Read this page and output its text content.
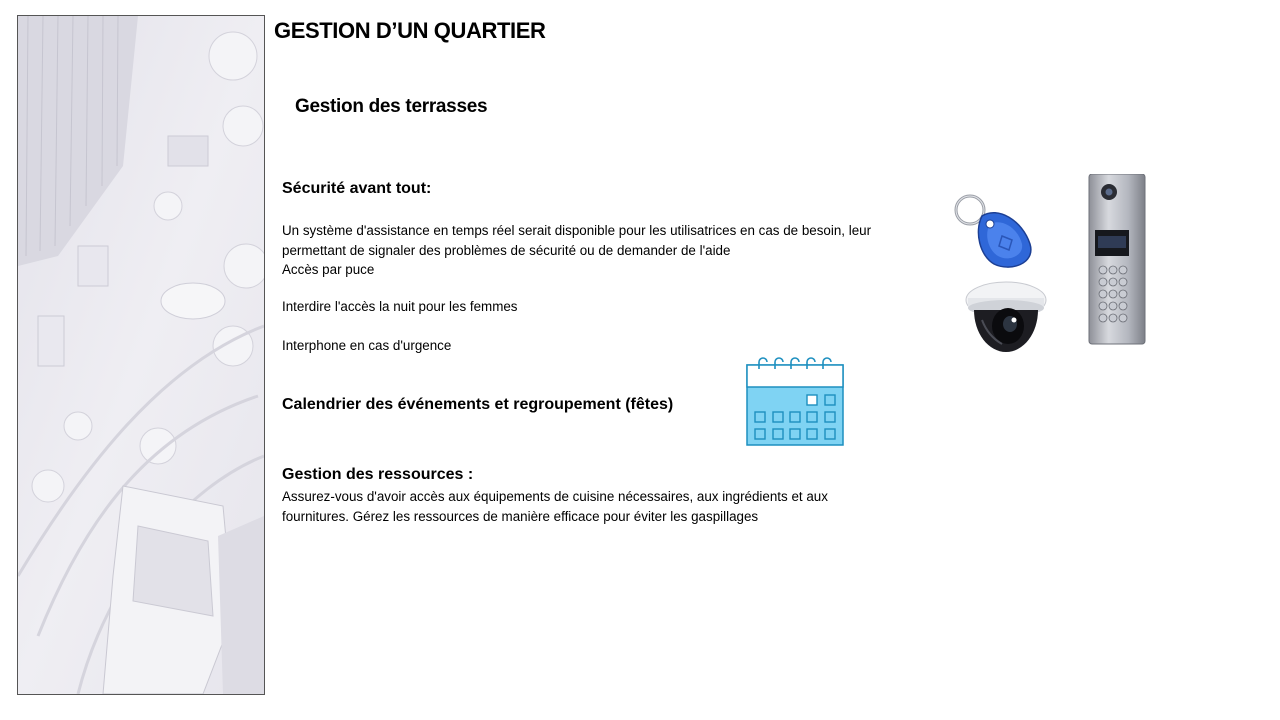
GESTION D’UN QUARTIER
Gestion des terrasses
Sécurité avant tout:
Un système d'assistance en temps réel serait disponible pour les utilisatrices en cas de besoin, leur
permettant de signaler des problèmes de sécurité ou de demander de l'aide
Accès par puce
Interdire l'accès la nuit pour les femmes
Interphone en cas d'urgence
Calendrier des événements et regroupement (fêtes)
Gestion des ressources :
Assurez-vous d'avoir accès aux équipements de cuisine nécessaires, aux ingrédients et aux
fournitures. Gérez les ressources de manière efficace pour éviter les gaspillages
